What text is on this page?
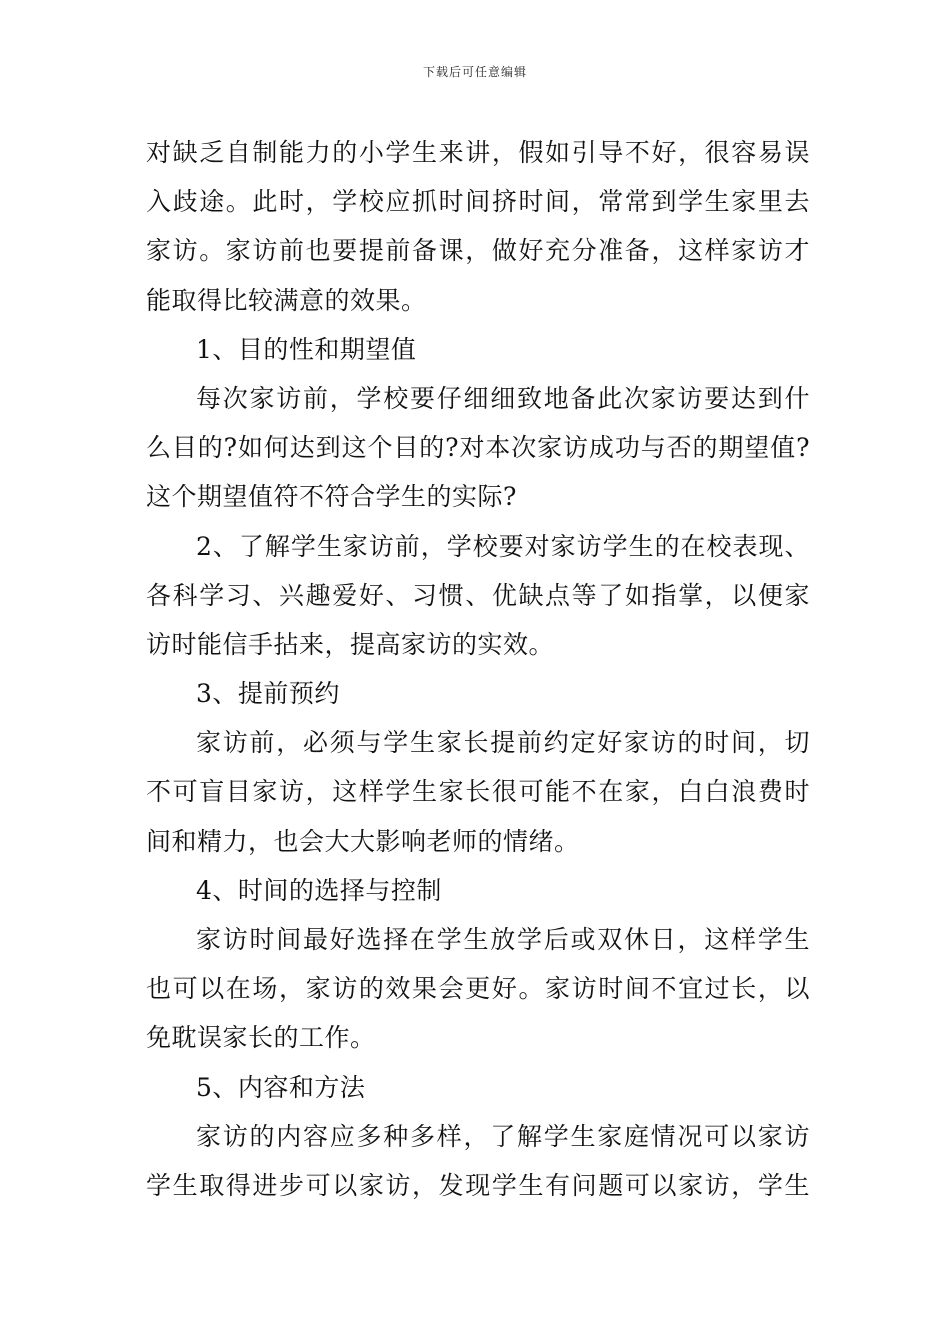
下载后可任意编辑
对缺乏自制能力的小学生来讲，假如引导不好，很容易误
入歧途。此时，学校应抓时间挤时间，常常到学生家里去
家访。家访前也要提前备课，做好充分准备，这样家访才
能取得比较满意的效果。
1、目的性和期望值
每次家访前，学校要仔细细致地备此次家访要达到什
么目的?如何达到这个目的?对本次家访成功与否的期望值?
这个期望值符不符合学生的实际?
2、了解学生家访前，学校要对家访学生的在校表现、
各科学习、兴趣爱好、习惯、优缺点等了如指掌，以便家
访时能信手拈来，提高家访的实效。
3、提前预约
家访前，必须与学生家长提前约定好家访的时间，切
不可盲目家访，这样学生家长很可能不在家，白白浪费时
间和精力，也会大大影响老师的情绪。
4、时间的选择与控制
家访时间最好选择在学生放学后或双休日，这样学生
也可以在场，家访的效果会更好。家访时间不宜过长，以
免耽误家长的工作。
5、内容和方法
家访的内容应多种多样，了解学生家庭情况可以家访
学生取得进步可以家访，发现学生有问题可以家访，学生
